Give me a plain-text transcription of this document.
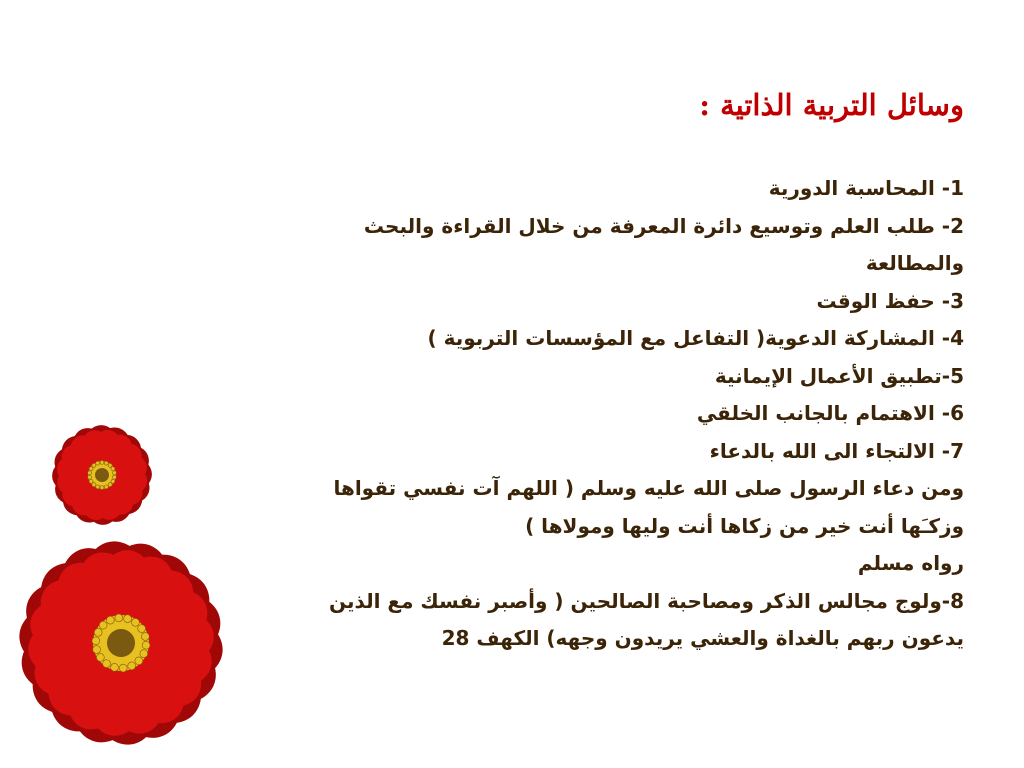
وسائل التربية الذاتية :
1- المحاسبة الدورية
2- طلب العلم وتوسيع دائرة المعرفة من خلال القراءة والبحث والمطالعة
3- حفظ الوقت
4- المشاركة الدعوية( التفاعل مع المؤسسات التربوية )
5-تطبيق الأعمال الإيمانية
6- الاهتمام بالجانب الخلقي
7- الالتجاء الى الله بالدعاء
ومن دعاء الرسول صلى الله عليه وسلم ( اللهم آت نفسي تقواها وزكـَها أنت خير من زكاها أنت وليها ومولاها )
رواه مسلم
8-ولوج مجالس الذكر ومصاحبة الصالحين ( وأصبر نفسك مع الذين يدعون ربهم بالغداة والعشي يريدون وجهه) الكهف 28
